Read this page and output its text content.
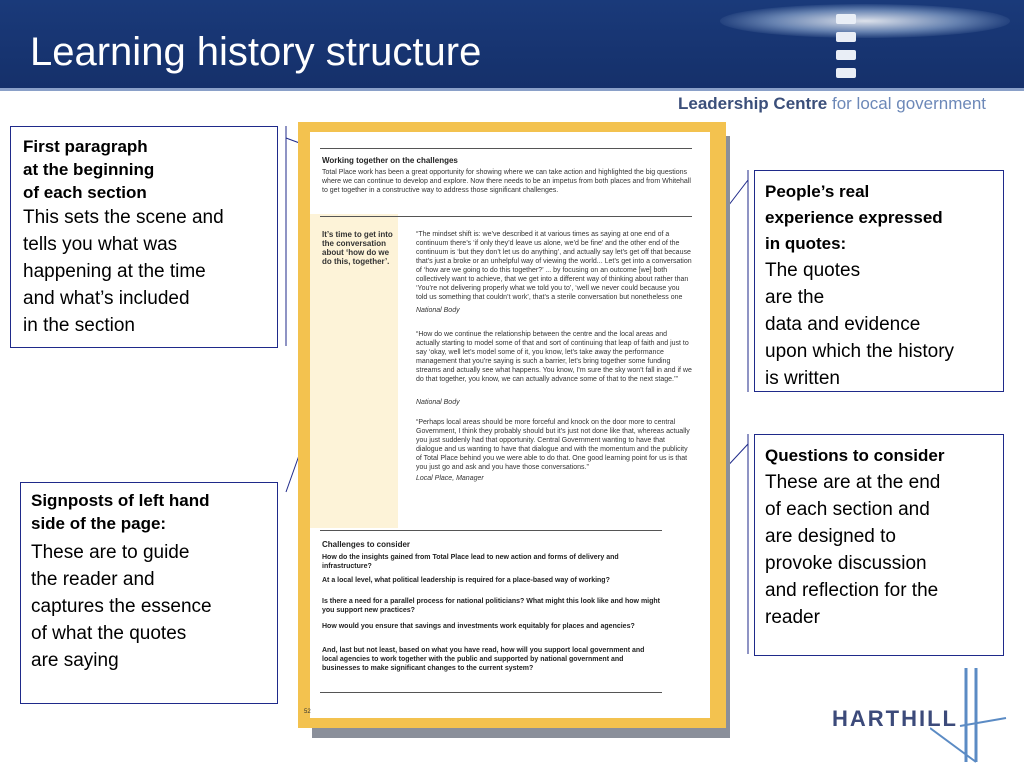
Learning history structure
Leadership Centre for local government
First paragraph
at the beginning
of each section
This sets the scene and
tells you what was
happening at the time
and what’s included
in the section
Signposts of left hand
side of the page:
These are to guide
the reader and
captures the essence
of what the quotes
are saying
People’s real
experience expressed
in quotes:
The quotes
are the
data and evidence
upon which the history
is written
Questions to consider
These are at the end
of each section and
are designed to
provoke discussion
and reflection for the
reader
Working together on the challenges
Total Place work has been a great opportunity for showing where we can take action and highlighted the big questions where we can continue to develop and explore. Now there needs to be an impetus from both places and from Whitehall to get together in a constructive way to address those significant challenges.
It’s time to get into the conversation about ‘how do we do this, together’.
“The mindset shift is: we’ve described it at various times as saying at one end of a continuum there’s ‘if only they’d leave us alone, we’d be fine’ and the other end of the continuum is ‘but they don’t let us do anything’, and actually say let’s get off that because that’s just a broke or an unhelpful way of viewing the world... Let’s get into a conversation of ‘how are we going to do this together?’ ... by focusing on an outcome [we] both collectively want to achieve, that we get into a different way of thinking about rather than ‘You’re not delivering properly what we told you to’, ‘well we never could because you told us something that couldn’t work’, that’s a sterile conversation but nonetheless one
National Body
“How do we continue the relationship between the centre and the local areas and actually starting to model some of that and sort of continuing that leap of faith and just to say ‘okay, well let’s model some of it, you know, let’s take away the performance management that you’re saying is such a barrier, let’s bring together some funding streams and actually see what happens. You know, I’m sure the sky won’t fall in and if we do that together, you know, we can actually advance some of that to the next stage.’”
National Body
“Perhaps local areas should be more forceful and knock on the door more to central Government, I think they probably should but it’s just not done like that, whereas actually you just suddenly had that opportunity. Central Government wanting to have that dialogue and us wanting to have that dialogue and with the momentum and the publicity of Total Place behind you we were able to do that. One good learning point for us is that you just go and ask and you have those conversations.”
Local Place, Manager
Challenges to consider
How do the insights gained from Total Place lead to new action and forms of delivery and infrastructure?
At a local level, what political leadership is required for a place-based way of working?
Is there a need for a parallel process for national politicians? What might this look like and how might you support new practices?
How would you ensure that savings and investments work equitably for places and agencies?
And, last but not least, based on what you have read, how will you support local government and local agencies to work together with the public and supported by national government and businesses to make significant changes to the current system?
52	HARTHILL
